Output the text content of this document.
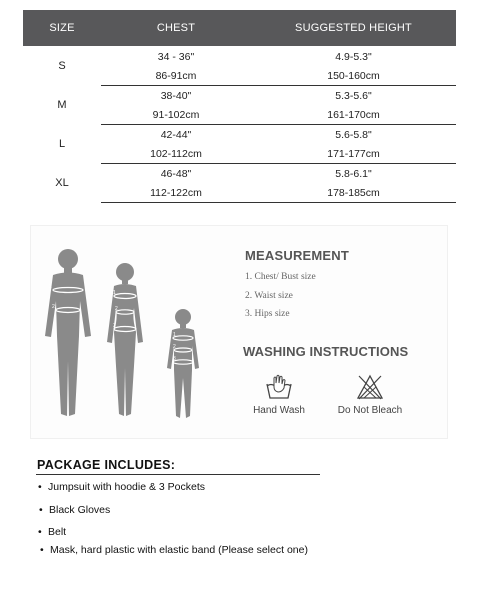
SIZE	CHEST	SUGGESTED HEIGHT
S	34 - 36"	4.9-5.3"
	86-91cm	150-160cm
M	38-40"	5.3-5.6"
	91-102cm	161-170cm
L	42-44"	5.6-5.8"
	102-112cm	171-177cm
XL	46-48"	5.8-6.1"
	112-122cm	178-185cm
1
2
1
2
3
1
2
3
MEASUREMENT
1. Chest/ Bust size
2. Waist size
3. Hips size
WASHING INSTRUCTIONS
Hand Wash	Do Not Bleach
PACKAGE INCLUDES:
• Jumpsuit with hoodie & 3 Pockets
• Black Gloves
• Belt
• Mask, hard plastic with elastic band (Please select one)
